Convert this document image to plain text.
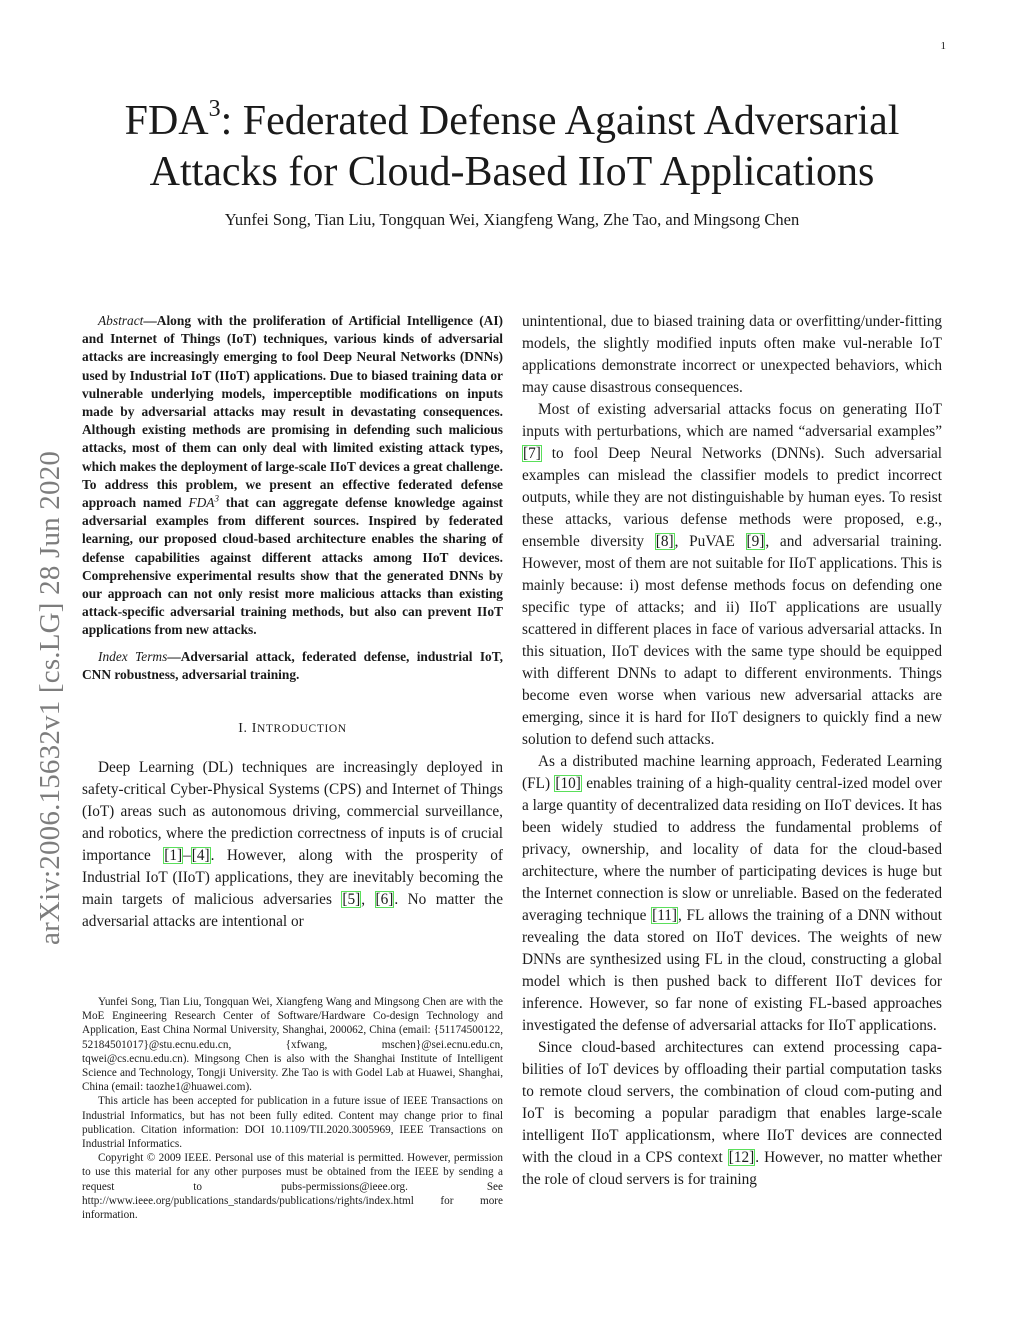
1
arXiv:2006.15632v1 [cs.LG] 28 Jun 2020
FDA$^3$: Federated Defense Against Adversarial
Attacks for Cloud-Based IIoT Applications
Yunfei Song, Tian Liu, Tongquan Wei, Xiangfeng Wang, Zhe Tao, and Mingsong Chen

Abstract—Along with the proliferation of Artificial Intelligence (AI) and Internet of Things (IoT) techniques, various kinds of adversarial attacks are increasingly emerging to fool Deep Neural Networks (DNNs) used by Industrial IoT (IIoT) applications. Due to biased training data or vulnerable underlying models, imperceptible modifications on inputs made by adversarial attacks may result in devastating consequences. Although existing methods are promising in defending such malicious attacks, most of them can only deal with limited existing attack types, which makes the deployment of large-scale IIoT devices a great challenge. To address this problem, we present an effective federated defense approach named FDA$^3$ that can aggregate defense knowledge against adversarial examples from different sources. Inspired by federated learning, our proposed cloud-based architecture enables the sharing of defense capabilities against different attacks among IIoT devices. Comprehensive experimental results show that the generated DNNs by our approach can not only resist more malicious attacks than existing attack-specific adversarial training methods, but also can prevent IIoT applications from new attacks.

Index Terms—Adversarial attack, federated defense, industrial IoT, CNN robustness, adversarial training.

I. INTRODUCTION

Deep Learning (DL) techniques are increasingly deployed in safety-critical Cyber-Physical Systems (CPS) and Internet of Things (IoT) areas such as autonomous driving, commercial surveillance, and robotics, where the prediction correctness of inputs is of crucial importance [1]–[4]. However, along with the prosperity of Industrial IoT (IIoT) applications, they are inevitably becoming the main targets of malicious adversaries [5], [6]. No matter the adversarial attacks are intentional or

Yunfei Song, Tian Liu, Tongquan Wei, Xiangfeng Wang and Mingsong Chen are with the MoE Engineering Research Center of Software/Hardware Co-design Technology and Application, East China Normal University, Shanghai, 200062, China (email: {51174500122, 52184501017}@stu.ecnu.edu.cn, {xfwang, mschen}@sei.ecnu.edu.cn, tqwei@cs.ecnu.edu.cn). Mingsong Chen is also with the Shanghai Institute of Intelligent Science and Technology, Tongji University. Zhe Tao is with Godel Lab at Huawei, Shanghai, China (email: taozhe1@huawei.com).

This article has been accepted for publication in a future issue of IEEE Transactions on Industrial Informatics, but has not been fully edited. Content may change prior to final publication. Citation information: DOI 10.1109/TII.2020.3005969, IEEE Transactions on Industrial Informatics.

Copyright © 2009 IEEE. Personal use of this material is permitted. However, permission to use this material for any other purposes must be obtained from the IEEE by sending a request to pubs-permissions@ieee.org. See http://www.ieee.org/publications_standards/publications/rights/index.html for more information.

unintentional, due to biased training data or overfitting/under-fitting models, the slightly modified inputs often make vul-nerable IoT applications demonstrate incorrect or unexpected behaviors, which may cause disastrous consequences.

Most of existing adversarial attacks focus on generating IIoT inputs with perturbations, which are named “adversarial examples” [7] to fool Deep Neural Networks (DNNs). Such adversarial examples can mislead the classifier models to predict incorrect outputs, while they are not distinguishable by human eyes. To resist these attacks, various defense methods were proposed, e.g., ensemble diversity [8], PuVAE [9], and adversarial training. However, most of them are not suitable for IIoT applications. This is mainly because: i) most defense methods focus on defending one specific type of attacks; and ii) IIoT applications are usually scattered in different places in face of various adversarial attacks. In this situation, IIoT devices with the same type should be equipped with different DNNs to adapt to different environments. Things become even worse when various new adversarial attacks are emerging, since it is hard for IIoT designers to quickly find a new solution to defend such attacks.

As a distributed machine learning approach, Federated Learning (FL) [10] enables training of a high-quality central-ized model over a large quantity of decentralized data residing on IIoT devices. It has been widely studied to address the fundamental problems of privacy, ownership, and locality of data for the cloud-based architecture, where the number of participating devices is huge but the Internet connection is slow or unreliable. Based on the federated averaging technique [11], FL allows the training of a DNN without revealing the data stored on IIoT devices. The weights of new DNNs are synthesized using FL in the cloud, constructing a global model which is then pushed back to different IIoT devices for inference. However, so far none of existing FL-based approaches investigated the defense of adversarial attacks for IIoT applications.

Since cloud-based architectures can extend processing capa-bilities of IoT devices by offloading their partial computation tasks to remote cloud servers, the combination of cloud com-puting and IoT is becoming a popular paradigm that enables large-scale intelligent IIoT applicationsm, where IIoT devices are connected with the cloud in a CPS context [12]. However, no matter whether the role of cloud servers is for training
